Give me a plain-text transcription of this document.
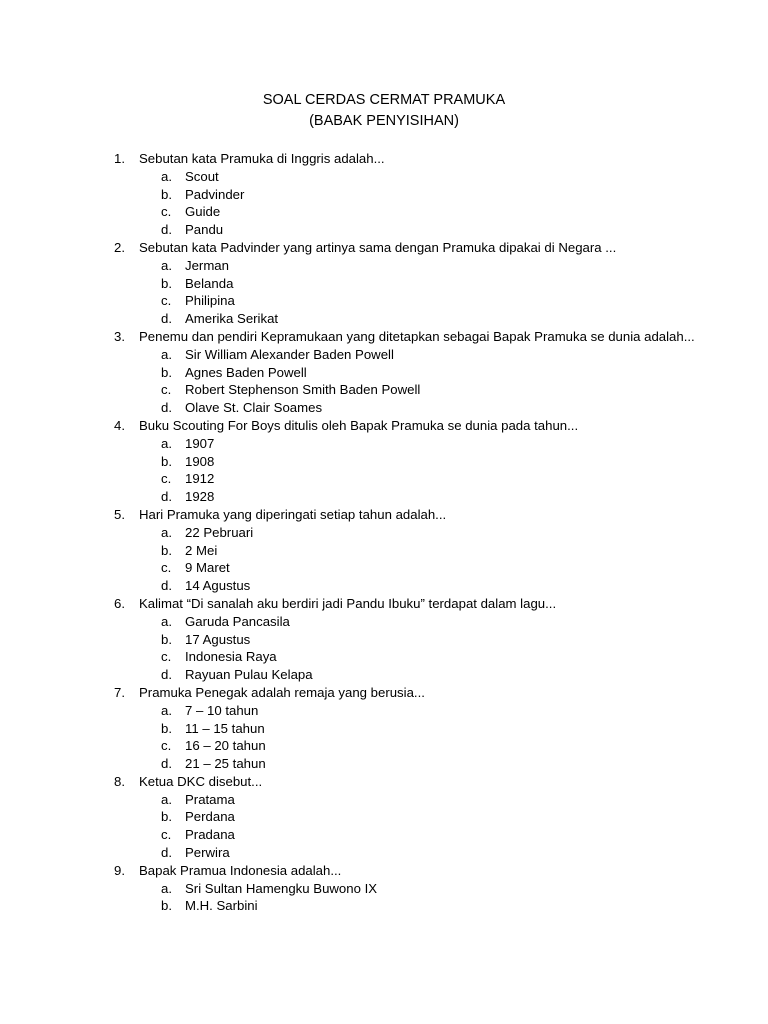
SOAL CERDAS CERMAT PRAMUKA
(BABAK PENYISIHAN)
1.	Sebutan kata Pramuka di Inggris adalah...
a. Scout
b. Padvinder
c.	Guide
d. Pandu
2.	Sebutan kata Padvinder yang artinya sama dengan Pramuka dipakai di Negara ...
a. Jerman
b. Belanda
c.	Philipina
d. Amerika Serikat
3.	Penemu dan pendiri Kepramukaan yang ditetapkan sebagai Bapak Pramuka se dunia adalah...
a. Sir William Alexander Baden Powell
b. Agnes Baden Powell
c.	Robert Stephenson Smith Baden Powell
d. Olave St. Clair Soames
4.	Buku Scouting For Boys ditulis oleh Bapak Pramuka se dunia pada tahun...
a. 1907
b. 1908
c.	1912
d. 1928
5.	Hari Pramuka yang diperingati setiap tahun adalah...
a. 22 Pebruari
b. 2 Mei
c.	9 Maret
d. 14 Agustus
6.	Kalimat “Di sanalah aku berdiri jadi Pandu Ibuku” terdapat dalam lagu...
a. Garuda Pancasila
b. 17 Agustus
c.	Indonesia Raya
d. Rayuan Pulau Kelapa
7.	Pramuka Penegak adalah remaja yang berusia...
a. 7 – 10 tahun
b. 11 – 15 tahun
c.	16 – 20 tahun
d. 21 – 25 tahun
8.	Ketua DKC disebut...
a. Pratama
b. Perdana
c.	Pradana
d. Perwira
9.	Bapak Pramua Indonesia adalah...
a. Sri Sultan Hamengku Buwono IX
b. M.H. Sarbini
